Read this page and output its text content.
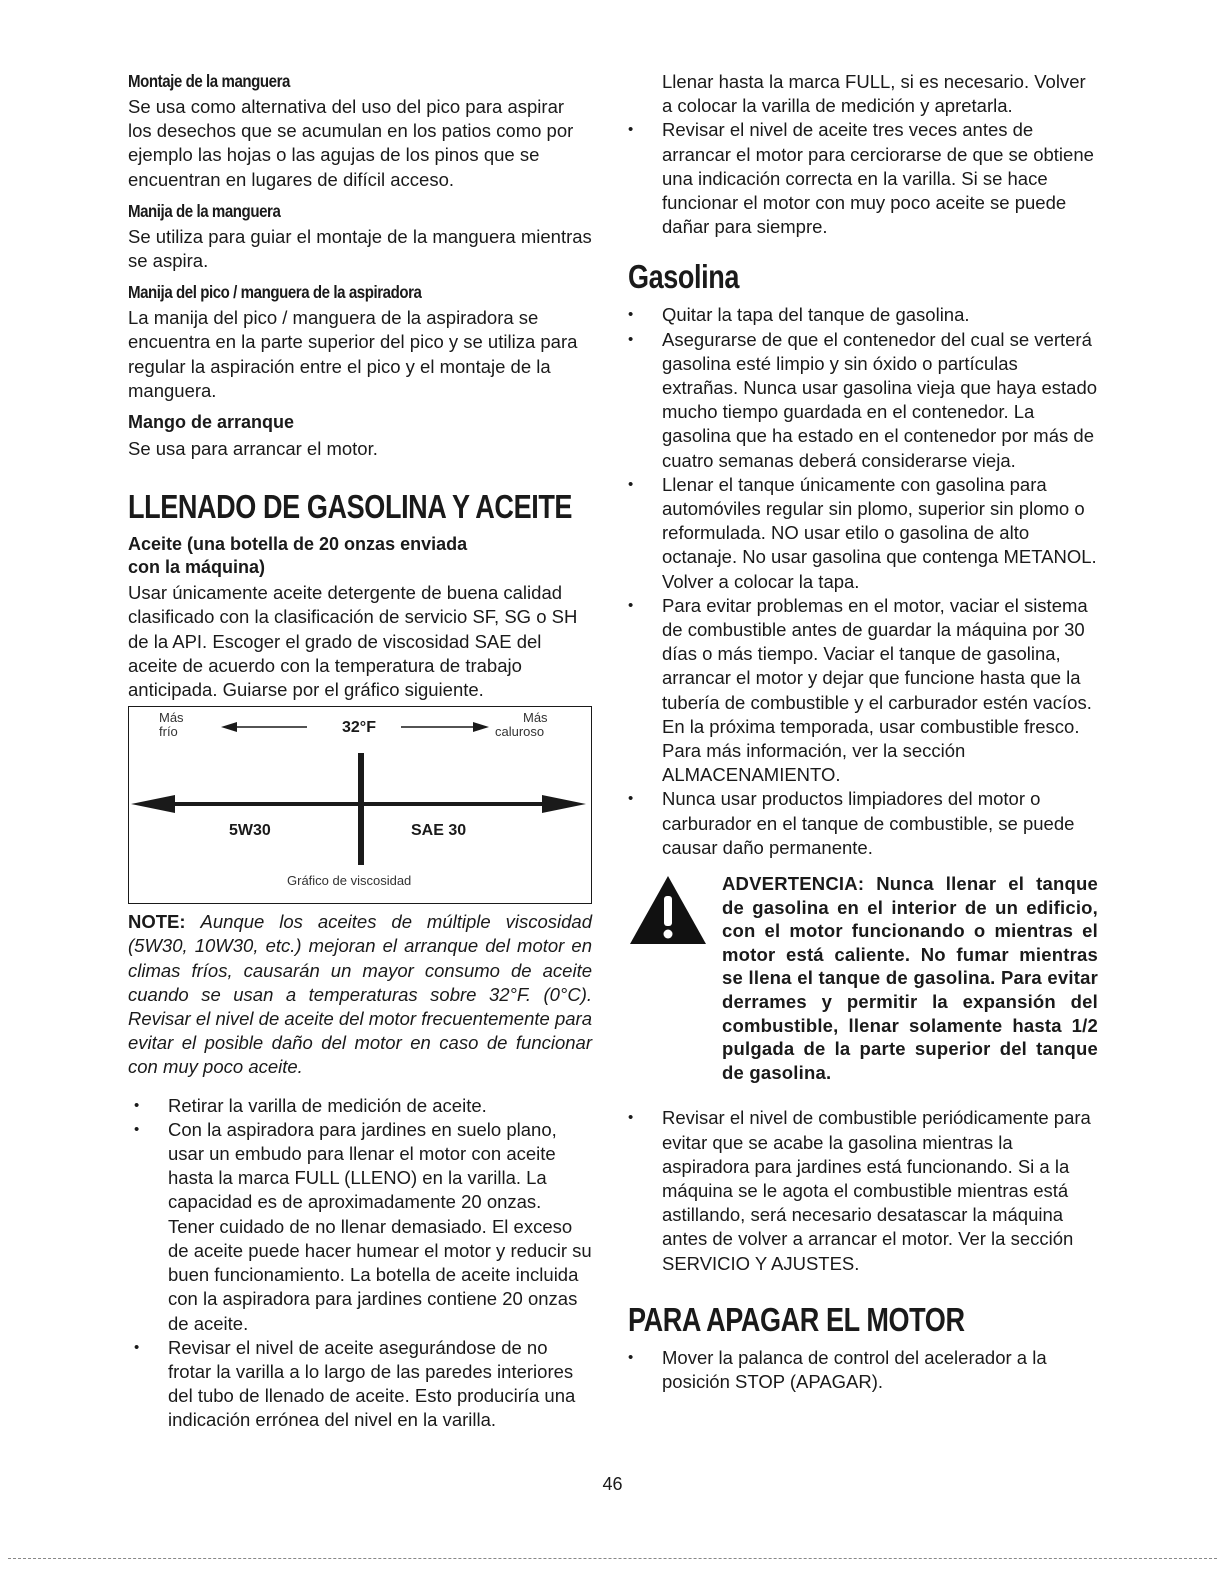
Montaje de la manguera

Se usa como alternativa del uso del pico para aspirar los desechos que se acumulan en los patios como por ejemplo las hojas o las agujas de los pinos que se encuentran en lugares de difícil acceso.

Manija de la manguera

Se utiliza para guiar el montaje de la manguera mientras se aspira.

Manija del pico / manguera de la aspiradora

La manija del pico / manguera de la aspiradora se encuentra en la parte superior del pico y se utiliza para regular la aspiración entre el pico y el montaje de la manguera.

Mango de arranque

Se usa para arrancar el motor.

LLENADO DE GASOLINA Y ACEITE
Aceite (una botella de 20 onzas enviada
con la máquina)

Usar únicamente aceite detergente de buena calidad clasificado con la clasificación de servicio SF, SG o SH de la API. Escoger el grado de viscosidad SAE del aceite de acuerdo con la temperatura de trabajo anticipada. Guiarse por el gráfico siguiente.

Más
frío
Más
caluroso
32°F
5W30	SAE 30
Gráfico de viscosidad
NOTE: Aunque los aceites de múltiple viscosidad (5W30, 10W30, etc.) mejoran el arranque del motor en climas fríos, causarán un mayor consumo de aceite cuando se usan a temperaturas sobre 32°F. (0°C). Revisar el nivel de aceite del motor frecuentemente para evitar el posible daño del motor en caso de funcionar con muy poco aceite.
• Retirar la varilla de medición de aceite.
• Con la aspiradora para jardines en suelo plano, usar un embudo para llenar el motor con aceite hasta la marca FULL (LLENO) en la varilla. La capacidad es de aproximadamente 20 onzas. Tener cuidado de no llenar demasiado. El exceso de aceite puede hacer humear el motor y reducir su buen funcionamiento. La botella de aceite incluida con la aspiradora para jardines contiene 20 onzas de aceite.
• Revisar el nivel de aceite asegurándose de no frotar la varilla a lo largo de las paredes interiores del tubo de llenado de aceite. Esto produciría una indicación errónea del nivel en la varilla.

Llenar hasta la marca FULL, si es necesario. Volver a colocar la varilla de medición y apretarla.

• Revisar el nivel de aceite tres veces antes de arrancar el motor para cerciorarse de que se obtiene una indicación correcta en la varilla. Si se hace funcionar el motor con muy poco aceite se puede dañar para siempre.
Gasolina
• Quitar la tapa del tanque de gasolina.
• Asegurarse de que el contenedor del cual se verterá gasolina esté limpio y sin óxido o partículas extrañas. Nunca usar gasolina vieja que haya estado mucho tiempo guardada en el contenedor. La gasolina que ha estado en el contenedor por más de cuatro semanas deberá considerarse vieja.
• Llenar el tanque únicamente con gasolina para automóviles regular sin plomo, superior sin plomo o reformulada. NO usar etilo o gasolina de alto octanaje. No usar gasolina que contenga METANOL. Volver a colocar la tapa.
• Para evitar problemas en el motor, vaciar el sistema de combustible antes de guardar la máquina por 30 días o más tiempo. Vaciar el tanque de gasolina, arrancar el motor y dejar que funcione hasta que la tubería de combustible y el carburador estén vacíos. En la próxima temporada, usar combustible fresco. Para más información, ver la sección ALMACENAMIENTO.
• Nunca usar productos limpiadores del motor o carburador en el tanque de combustible, se puede causar daño permanente.
ADVERTENCIA: Nunca llenar el tanque de gasolina en el interior de un edificio, con el motor funcionando o mientras el motor está caliente. No fumar mientras se llena el tanque de gasolina. Para evitar derrames y permitir la expansión del combustible, llenar solamente hasta 1/2 pulgada de la parte superior del tanque de gasolina.
• Revisar el nivel de combustible periódicamente para evitar que se acabe la gasolina mientras la aspiradora para jardines está funcionando. Si a la máquina se le agota el combustible mientras está astillando, será necesario desatascar la máquina antes de volver a arrancar el motor. Ver la sección SERVICIO Y AJUSTES.
PARA APAGAR EL MOTOR
• Mover la palanca de control del acelerador a la posición STOP (APAGAR).
46
